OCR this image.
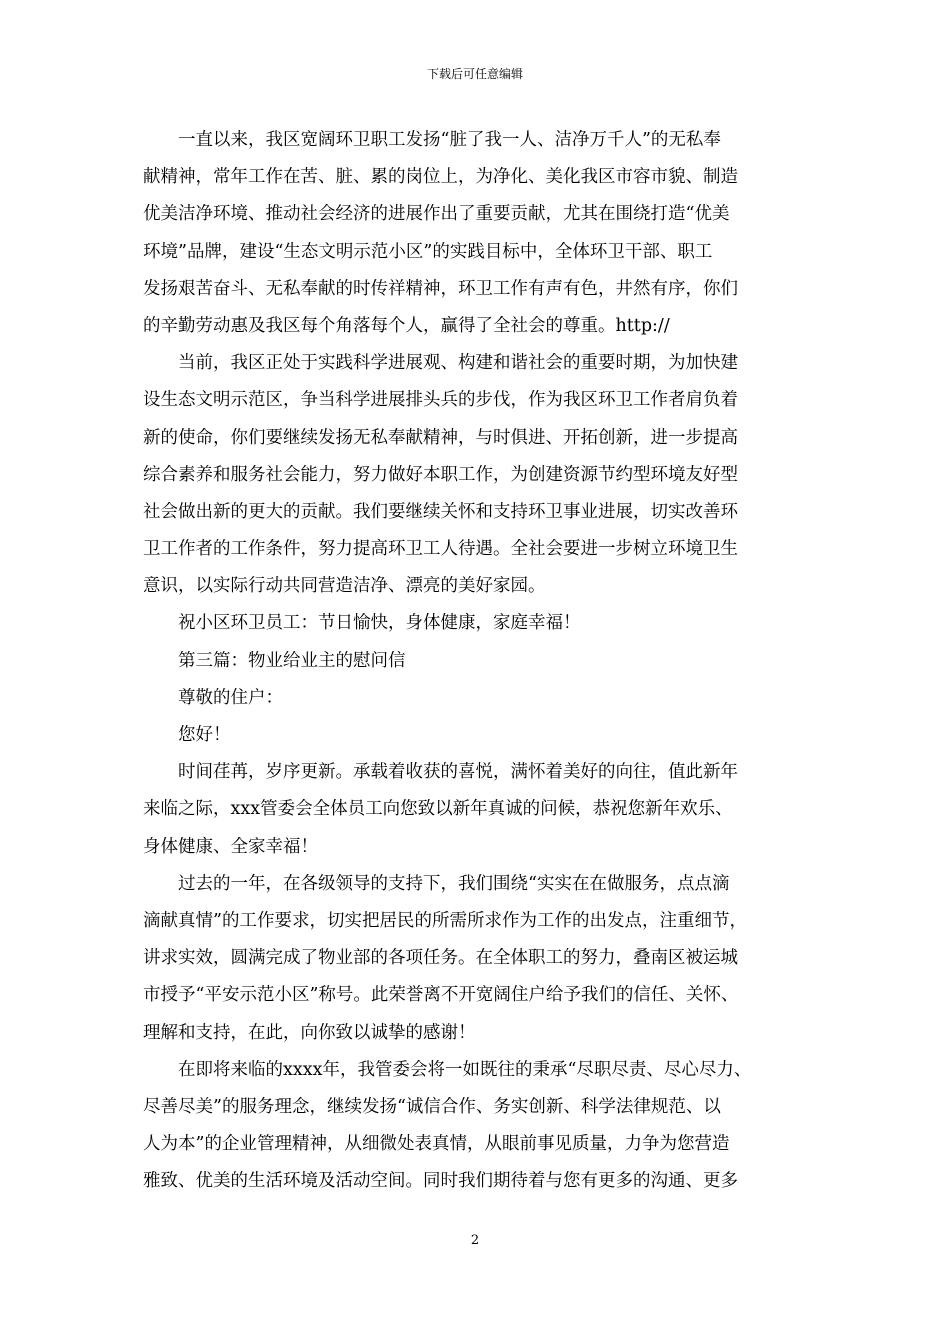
下载后可任意编辑
　　一直以来，我区宽阔环卫职工发扬“脏了我一人、洁净万千人”的无私奉
献精神，常年工作在苦、脏、累的岗位上，为净化、美化我区市容市貌、制造
优美洁净环境、推动社会经济的进展作出了重要贡献，尤其在围绕打造“优美
环境”品牌，建设“生态文明示范小区”的实践目标中，全体环卫干部、职工
发扬艰苦奋斗、无私奉献的时传祥精神，环卫工作有声有色，井然有序，你们
的辛勤劳动惠及我区每个角落每个人，赢得了全社会的尊重。http://
　　当前，我区正处于实践科学进展观、构建和谐社会的重要时期，为加快建
设生态文明示范区，争当科学进展排头兵的步伐，作为我区环卫工作者肩负着
新的使命，你们要继续发扬无私奉献精神，与时俱进、开拓创新，进一步提高
综合素养和服务社会能力，努力做好本职工作，为创建资源节约型环境友好型
社会做出新的更大的贡献。我们要继续关怀和支持环卫事业进展，切实改善环
卫工作者的工作条件，努力提高环卫工人待遇。全社会要进一步树立环境卫生
意识，以实际行动共同营造洁净、漂亮的美好家园。
　　祝小区环卫员工：节日愉快，身体健康，家庭幸福！
　　第三篇：物业给业主的慰问信
　　尊敬的住户：
　　您好！
　　时间荏苒，岁序更新。承载着收获的喜悦，满怀着美好的向往，值此新年
来临之际，xxx管委会全体员工向您致以新年真诚的问候，恭祝您新年欢乐、
身体健康、全家幸福！
　　过去的一年，在各级领导的支持下，我们围绕“实实在在做服务，点点滴
滴献真情”的工作要求，切实把居民的所需所求作为工作的出发点，注重细节，
讲求实效，圆满完成了物业部的各项任务。在全体职工的努力，叠南区被运城
市授予“平安示范小区”称号。此荣誉离不开宽阔住户给予我们的信任、关怀、
理解和支持，在此，向你致以诚挚的感谢！
　　在即将来临的xxxx年，我管委会将一如既往的秉承“尽职尽责、尽心尽力、
尽善尽美”的服务理念，继续发扬“诚信合作、务实创新、科学法律规范、以
人为本”的企业管理精神，从细微处表真情，从眼前事见质量，力争为您营造
雅致、优美的生活环境及活动空间。同时我们期待着与您有更多的沟通、更多
2
